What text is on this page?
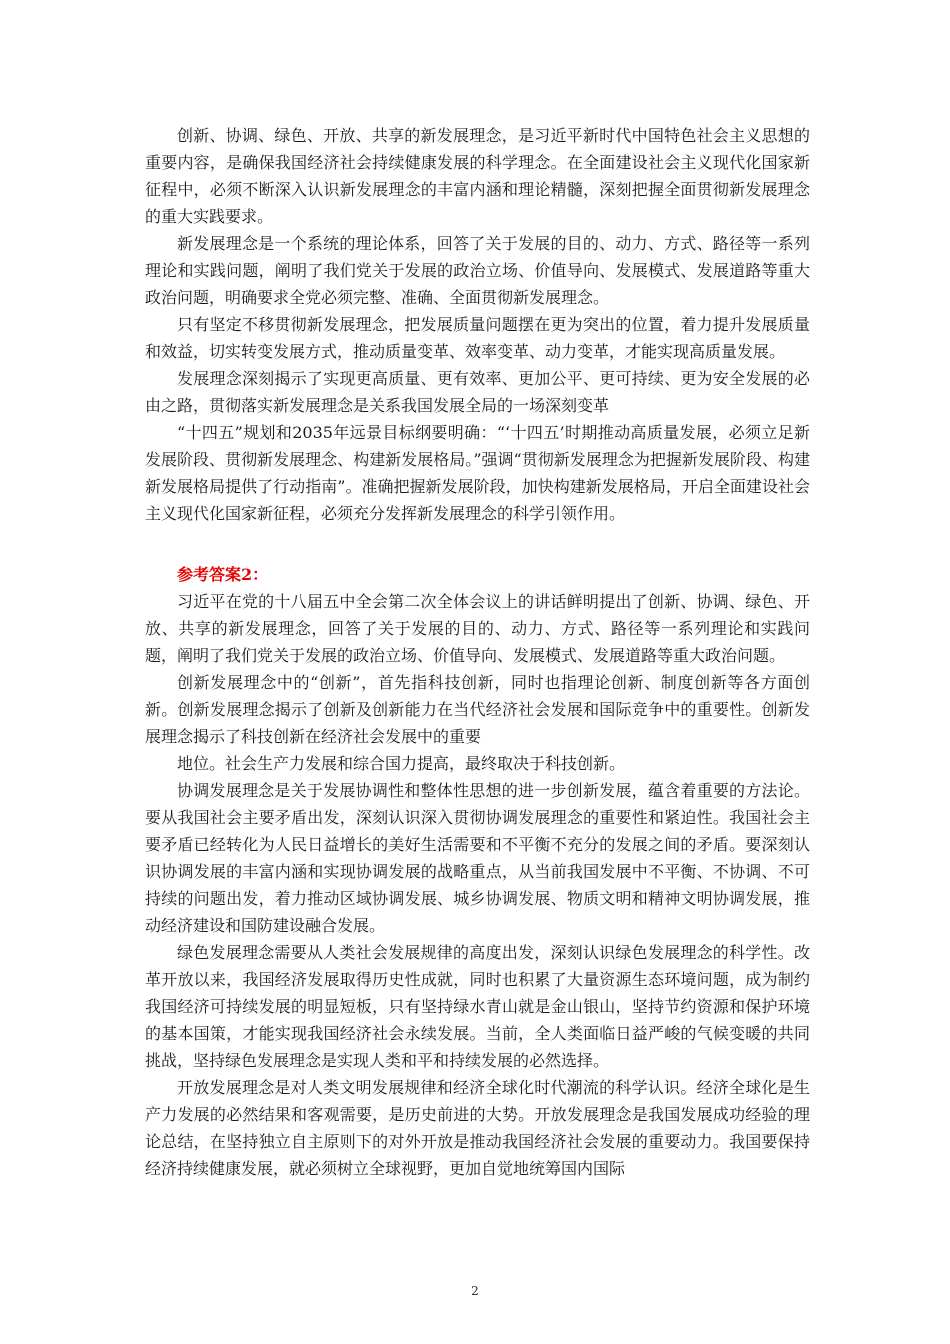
创新、协调、绿色、开放、共享的新发展理念，是习近平新时代中国特色社会主义思想的重要内容，是确保我国经济社会持续健康发展的科学理念。在全面建设社会主义现代化国家新征程中，必须不断深入认识新发展理念的丰富内涵和理论精髓，深刻把握全面贯彻新发展理念的重大实践要求。

新发展理念是一个系统的理论体系，回答了关于发展的目的、动力、方式、路径等一系列理论和实践问题，阐明了我们党关于发展的政治立场、价值导向、发展模式、发展道路等重大政治问题，明确要求全党必须完整、准确、全面贯彻新发展理念。

只有坚定不移贯彻新发展理念，把发展质量问题摆在更为突出的位置，着力提升发展质量和效益，切实转变发展方式，推动质量变革、效率变革、动力变革，才能实现高质量发展。

发展理念深刻揭示了实现更高质量、更有效率、更加公平、更可持续、更为安全发展的必由之路，贯彻落实新发展理念是关系我国发展全局的一场深刻变革

“十四五”规划和2035年远景目标纲要明确：“‘十四五’时期推动高质量发展，必须立足新发展阶段、贯彻新发展理念、构建新发展格局。”强调“贯彻新发展理念为把握新发展阶段、构建新发展格局提供了行动指南”。准确把握新发展阶段，加快构建新发展格局，开启全面建设社会主义现代化国家新征程，必须充分发挥新发展理念的科学引领作用。

参考答案2：

习近平在党的十八届五中全会第二次全体会议上的讲话鲜明提出了创新、协调、绿色、开放、共享的新发展理念，回答了关于发展的目的、动力、方式、路径等一系列理论和实践问题，阐明了我们党关于发展的政治立场、价值导向、发展模式、发展道路等重大政治问题。

创新发展理念中的“创新”，首先指科技创新，同时也指理论创新、制度创新等各方面创新。创新发展理念揭示了创新及创新能力在当代经济社会发展和国际竞争中的重要性。创新发展理念揭示了科技创新在经济社会发展中的重要

地位。社会生产力发展和综合国力提高，最终取决于科技创新。

协调发展理念是关于发展协调性和整体性思想的进一步创新发展，蕴含着重要的方法论。要从我国社会主要矛盾出发，深刻认识深入贯彻协调发展理念的重要性和紧迫性。我国社会主要矛盾已经转化为人民日益增长的美好生活需要和不平衡不充分的发展之间的矛盾。要深刻认识协调发展的丰富内涵和实现协调发展的战略重点，从当前我国发展中不平衡、不协调、不可持续的问题出发，着力推动区域协调发展、城乡协调发展、物质文明和精神文明协调发展，推动经济建设和国防建设融合发展。

绿色发展理念需要从人类社会发展规律的高度出发，深刻认识绿色发展理念的科学性。改革开放以来，我国经济发展取得历史性成就，同时也积累了大量资源生态环境问题，成为制约我国经济可持续发展的明显短板，只有坚持绿水青山就是金山银山，坚持节约资源和保护环境的基本国策，才能实现我国经济社会永续发展。当前，全人类面临日益严峻的气候变暖的共同挑战，坚持绿色发展理念是实现人类和平和持续发展的必然选择。

开放发展理念是对人类文明发展规律和经济全球化时代潮流的科学认识。经济全球化是生产力发展的必然结果和客观需要，是历史前进的大势。开放发展理念是我国发展成功经验的理论总结，在坚持独立自主原则下的对外开放是推动我国经济社会发展的重要动力。我国要保持经济持续健康发展，就必须树立全球视野，更加自觉地统筹国内国际

2
